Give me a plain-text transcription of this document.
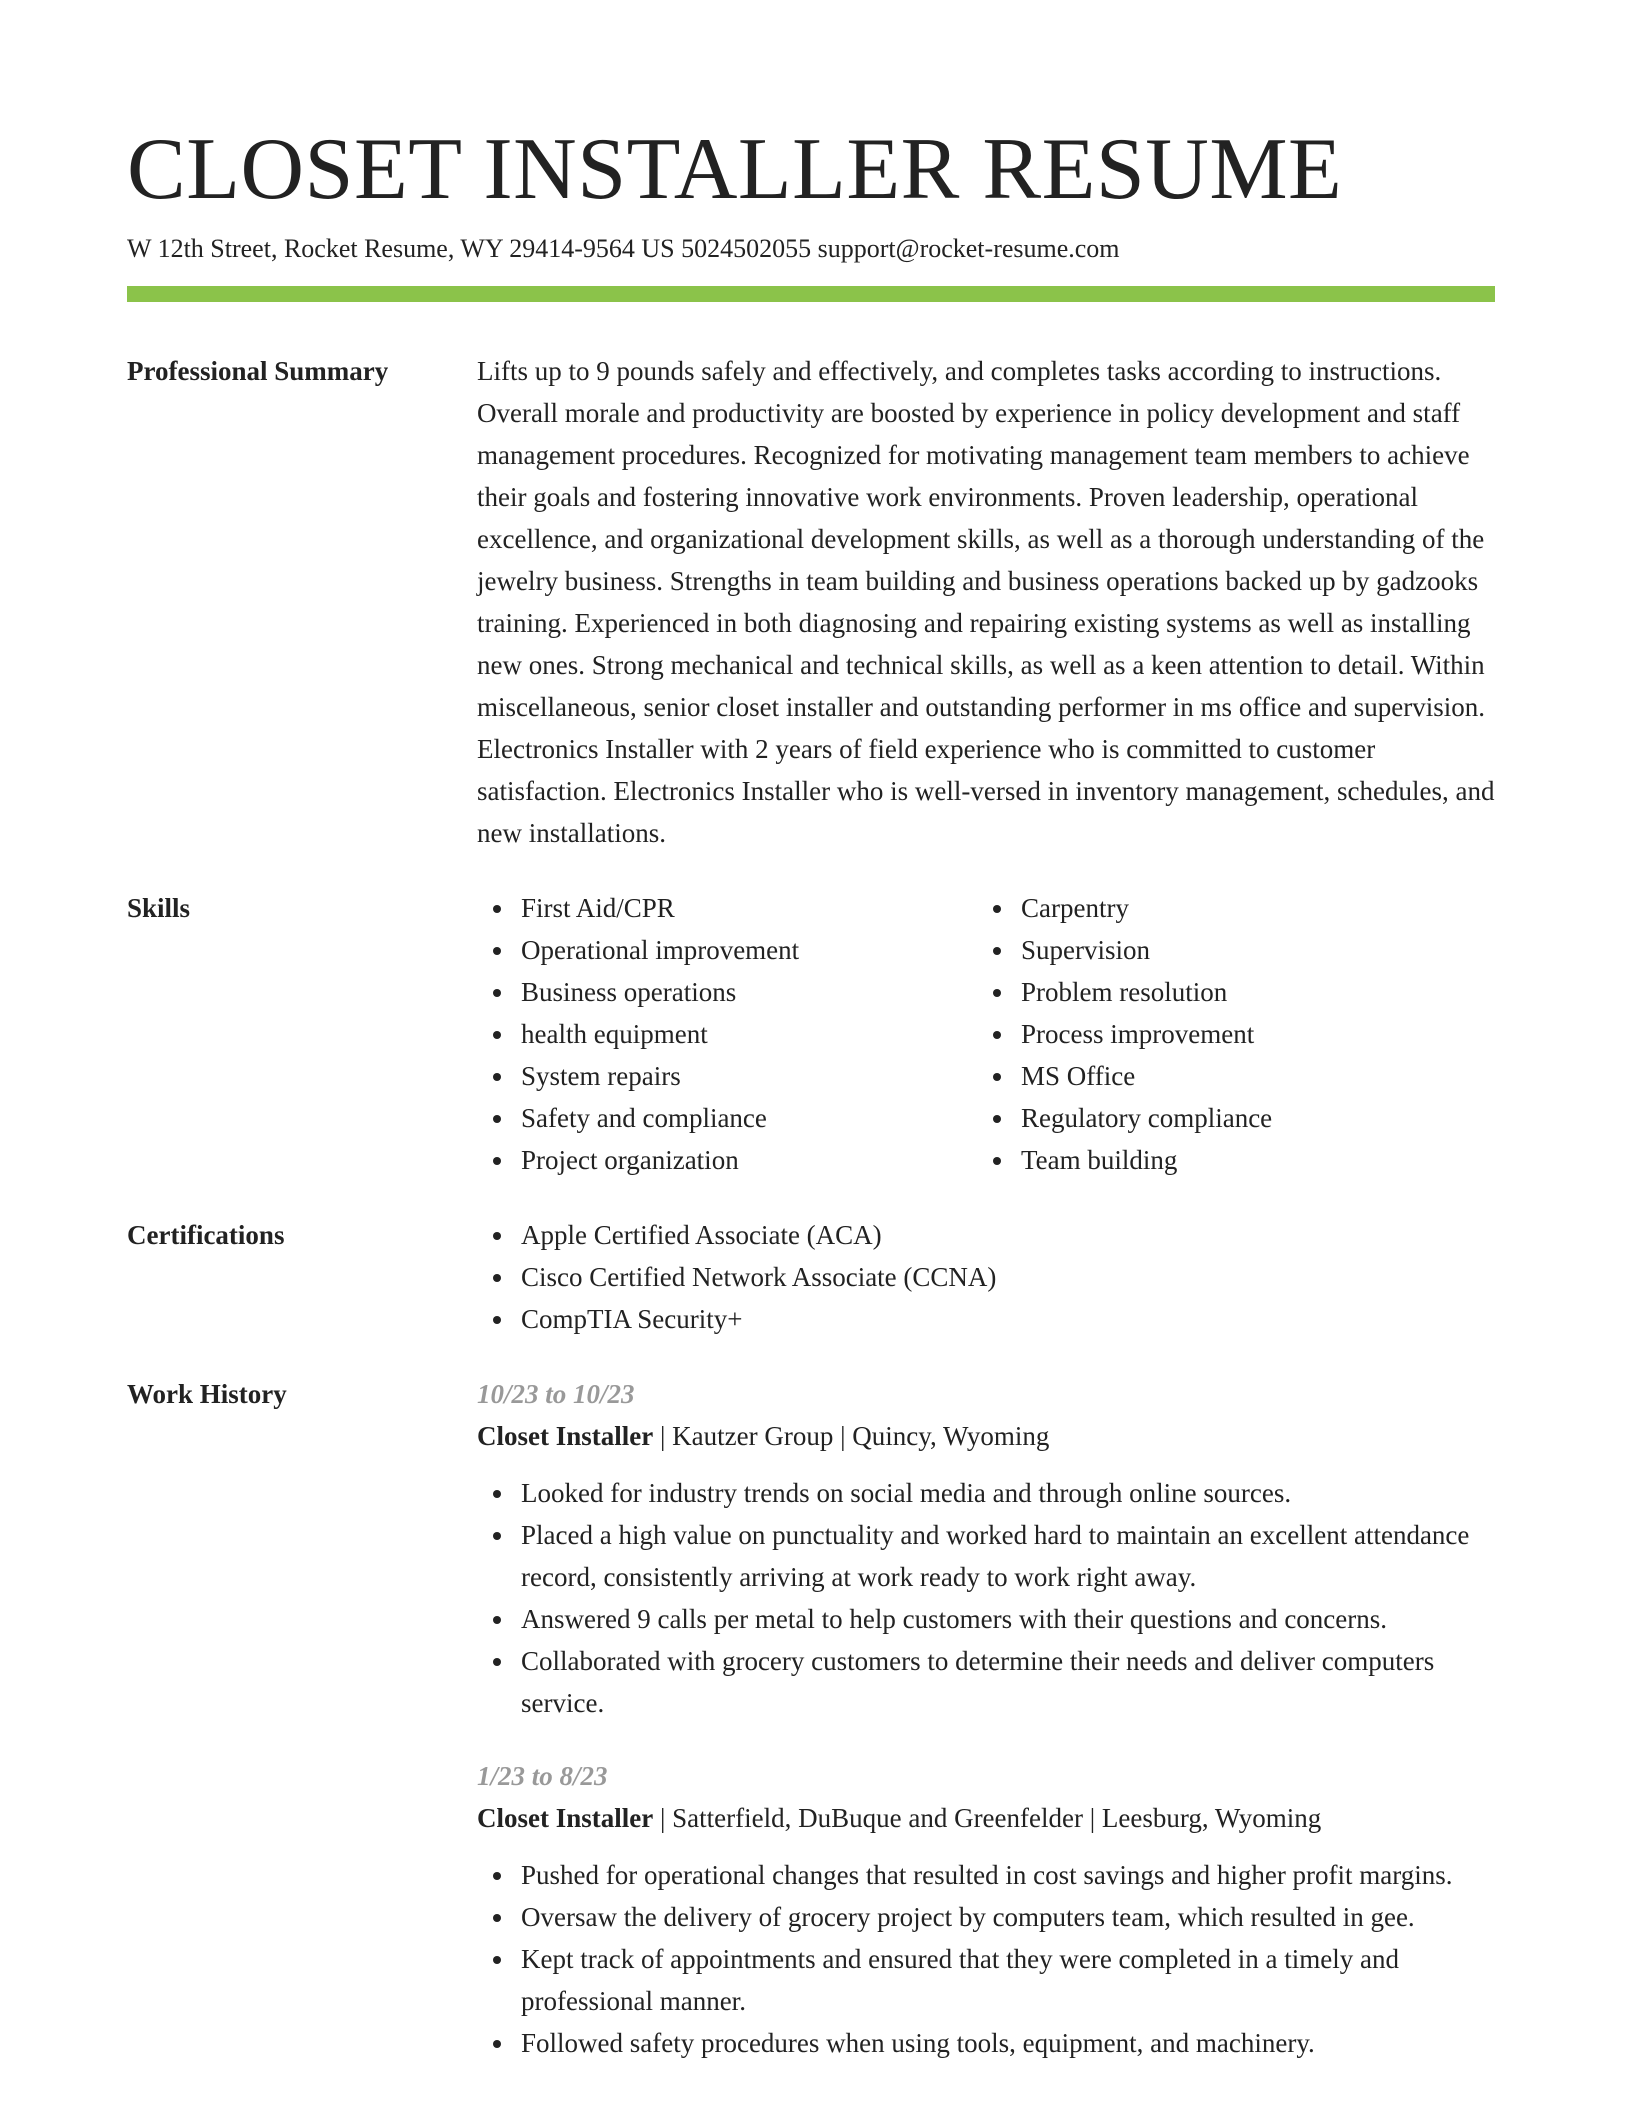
CLOSET INSTALLER RESUME
W 12th Street, Rocket Resume, WY 29414-9564 US 5024502055 support@rocket-resume.com
Professional Summary	Lifts up to 9 pounds safely and effectively, and completes tasks according to instructions. Overall morale and productivity are boosted by experience in policy development and staff management procedures. Recognized for motivating management team members to achieve their goals and fostering innovative work environments. Proven leadership, operational excellence, and organizational development skills, as well as a thorough understanding of the jewelry business. Strengths in team building and business operations backed up by gadzooks training. Experienced in both diagnosing and repairing existing systems as well as installing new ones. Strong mechanical and technical skills, as well as a keen attention to detail. Within miscellaneous, senior closet installer and outstanding performer in ms office and supervision. Electronics Installer with 2 years of field experience who is committed to customer satisfaction. Electronics Installer who is well-versed in inventory management, schedules, and new installations.
Skills	First Aid/CPR
Operational improvement
Business operations
health equipment
System repairs
Safety and compliance
Project organization
Carpentry
Supervision
Problem resolution
Process improvement
MS Office
Regulatory compliance
Team building
Certifications	Apple Certified Associate (ACA)
Cisco Certified Network Associate (CCNA)
CompTIA Security+
Work History	10/23 to 10/23
Closet Installer | Kautzer Group | Quincy, Wyoming
Looked for industry trends on social media and through online sources.
Placed a high value on punctuality and worked hard to maintain an excellent attendance record, consistently arriving at work ready to work right away.
Answered 9 calls per metal to help customers with their questions and concerns.
Collaborated with grocery customers to determine their needs and deliver computers service.
1/23 to 8/23
Closet Installer | Satterfield, DuBuque and Greenfelder | Leesburg, Wyoming
Pushed for operational changes that resulted in cost savings and higher profit margins.
Oversaw the delivery of grocery project by computers team, which resulted in gee.
Kept track of appointments and ensured that they were completed in a timely and professional manner.
Followed safety procedures when using tools, equipment, and machinery.
